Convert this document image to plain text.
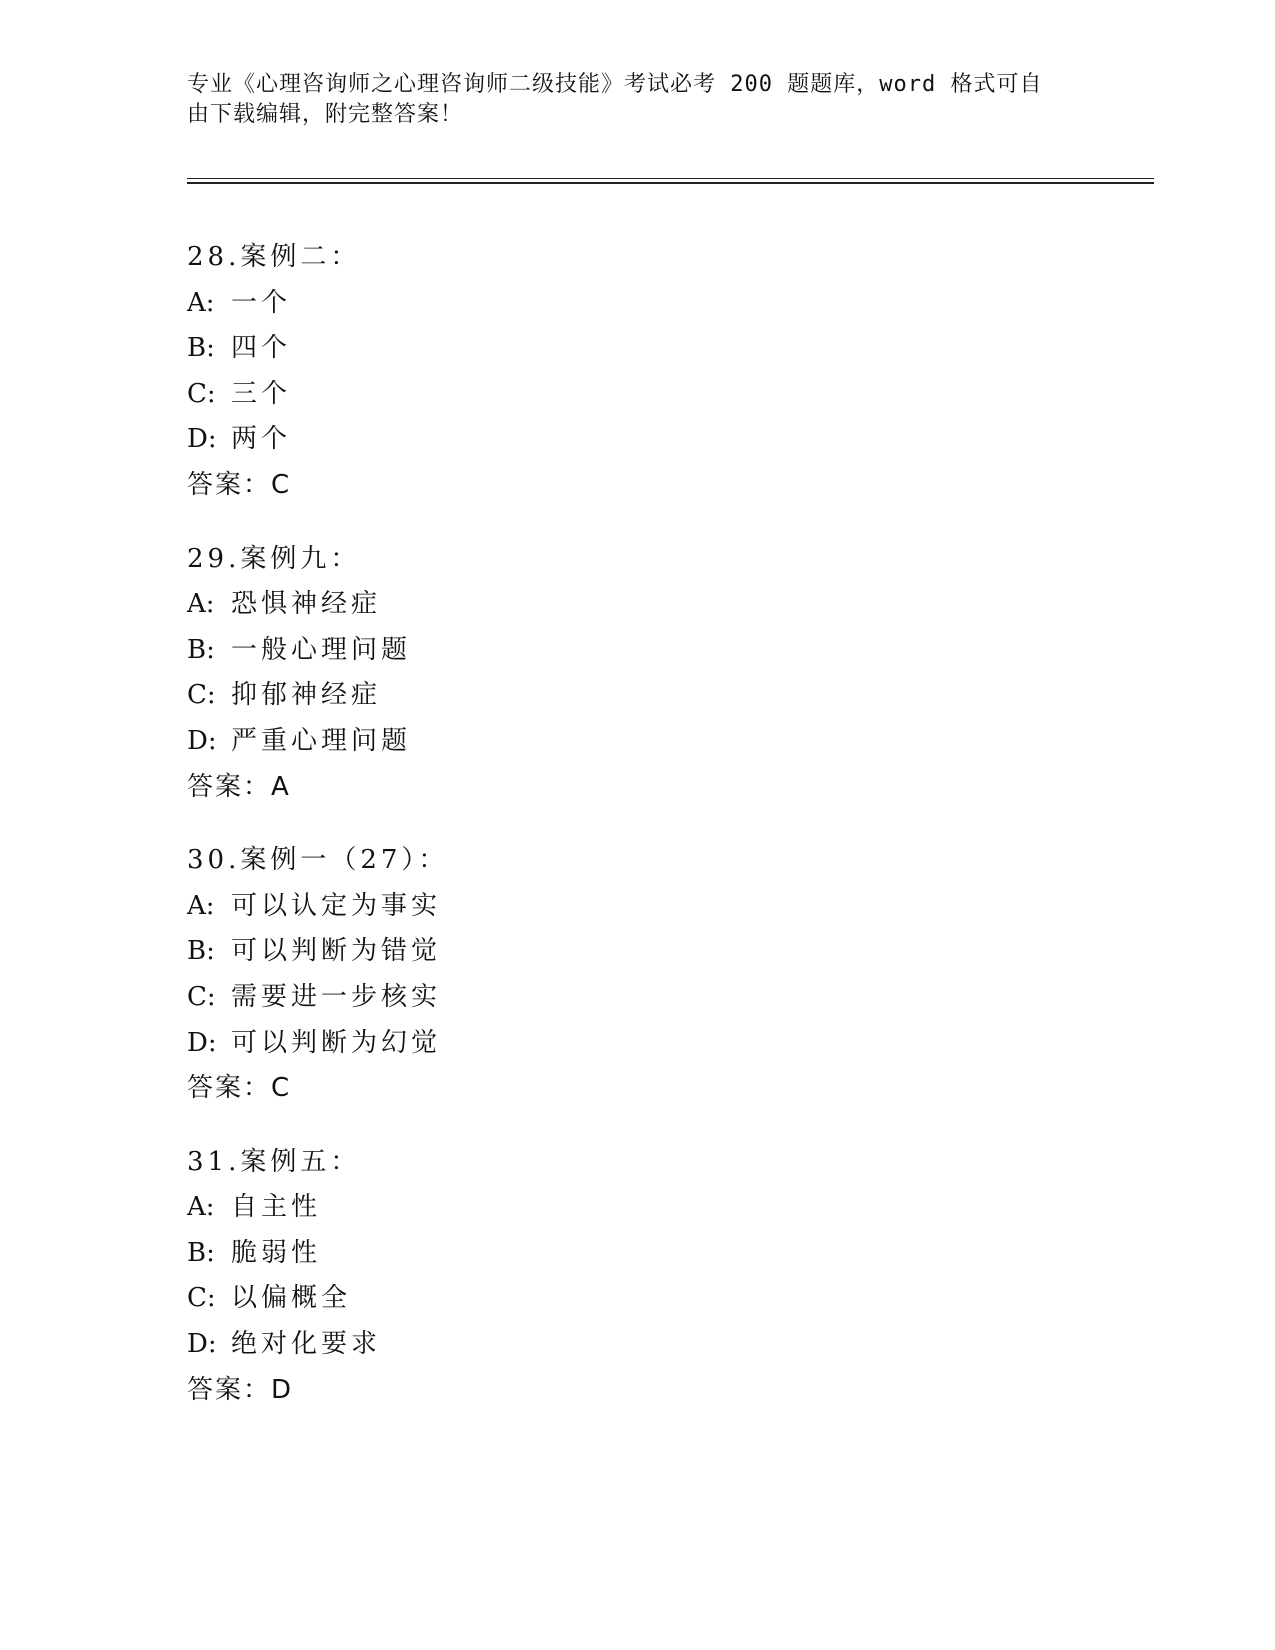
专业《心理咨询师之心理咨询师二级技能》考试必考 200 题题库，word 格式可自
由下载编辑，附完整答案！
28.案例二：
A: 一个
B: 四个
C: 三个
D: 两个
答案：C
29.案例九：
A: 恐惧神经症
B: 一般心理问题
C: 抑郁神经症
D: 严重心理问题
答案：A
30.案例一（27）：
A: 可以认定为事实
B: 可以判断为错觉
C: 需要进一步核实
D: 可以判断为幻觉
答案：C
31.案例五：
A: 自主性
B: 脆弱性
C: 以偏概全
D: 绝对化要求
答案：D
